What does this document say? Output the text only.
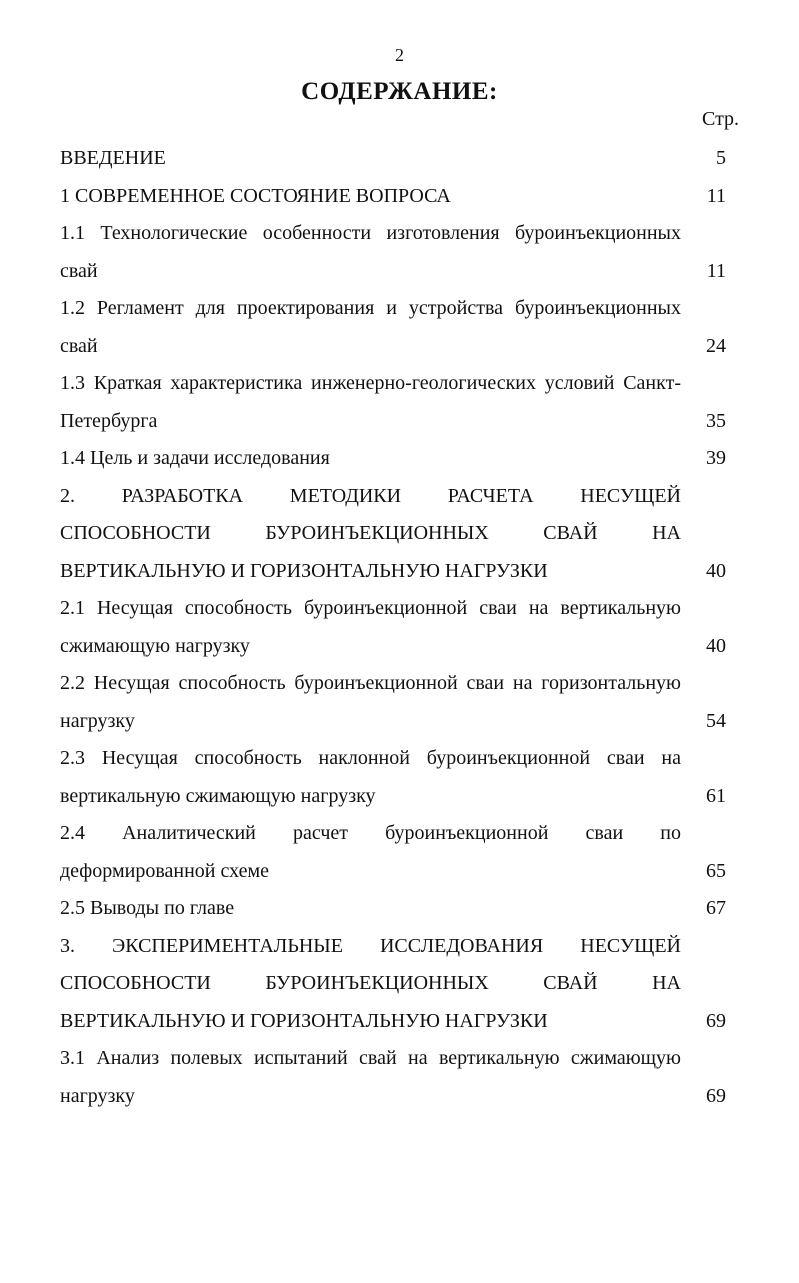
2
СОДЕРЖАНИЕ:
Стр.
ВВЕДЕНИЕ	5
1 СОВРЕМЕННОЕ СОСТОЯНИЕ ВОПРОСА	11
1.1 Технологические особенности изготовления буроинъекционных
свай	11
1.2 Регламент для проектирования и устройства буроинъекционных
свай	24
1.3 Краткая характеристика инженерно-геологических условий Санкт-
Петербурга	35
1.4 Цель и задачи исследования	39
2. РАЗРАБОТКА МЕТОДИКИ РАСЧЕТА НЕСУЩЕЙ
СПОСОБНОСТИ БУРОИНЪЕКЦИОННЫХ СВАЙ НА
ВЕРТИКАЛЬНУЮ И ГОРИЗОНТАЛЬНУЮ НАГРУЗКИ	40
2.1 Несущая способность буроинъекционной сваи на вертикальную
сжимающую нагрузку	40
2.2 Несущая способность буроинъекционной сваи на горизонтальную
нагрузку	54
2.3 Несущая способность наклонной буроинъекционной сваи на
вертикальную сжимающую нагрузку	61
2.4 Аналитический расчет буроинъекционной сваи по
деформированной схеме	65
2.5 Выводы по главе	67
3. ЭКСПЕРИМЕНТАЛЬНЫЕ ИССЛЕДОВАНИЯ НЕСУЩЕЙ
СПОСОБНОСТИ БУРОИНЪЕКЦИОННЫХ СВАЙ НА
ВЕРТИКАЛЬНУЮ И ГОРИЗОНТАЛЬНУЮ НАГРУЗКИ	69
3.1 Анализ полевых испытаний свай на вертикальную сжимающую
нагрузку	69
